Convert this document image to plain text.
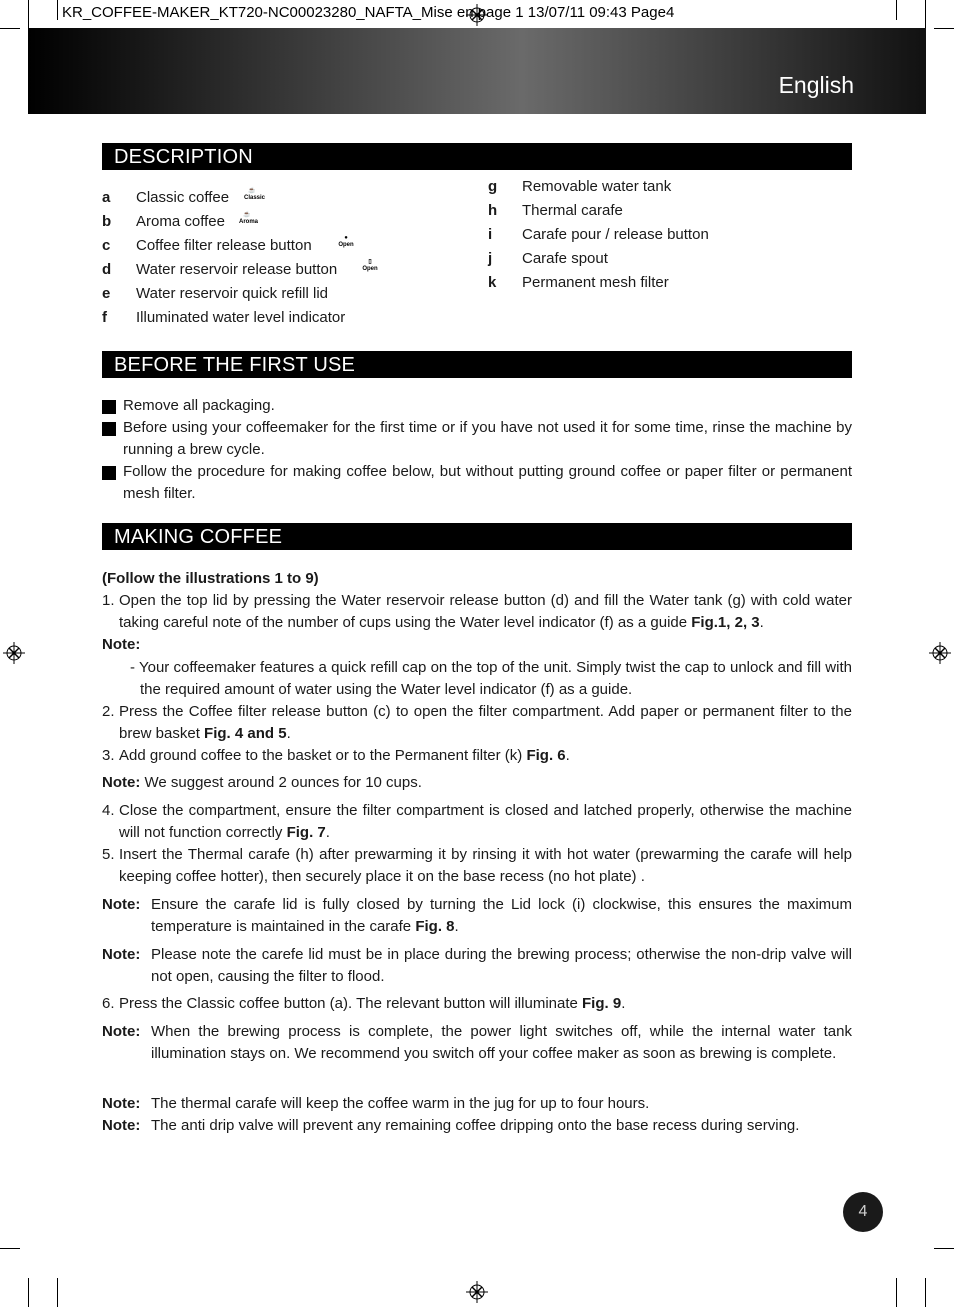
KR_COFFEE-MAKER_KT720-NC00023280_NAFTA_Mise en page 1 13/07/11 09:43 Page4
English
DESCRIPTION
a Classic coffee	☕
Classic
b Aroma coffee	☕
Aroma
c Coffee filter release button	●
Open
d Water reservoir release button	▯
Open
e Water reservoir quick refill lid
f Illuminated water level indicator
g Removable water tank
h Thermal carafe
i Carafe pour / release button
j Carafe spout
k Permanent mesh filter
BEFORE THE FIRST USE
Remove all packaging.
Before using your coffeemaker for the first time or if you have not used it for some time, rinse the machine by running a brew cycle.
Follow the procedure for making coffee below, but without putting ground coffee or paper filter or permanent mesh filter.
MAKING COFFEE
(Follow the illustrations 1 to 9)
1. Open the top lid by pressing the Water reservoir release button (d) and fill the Water tank (g) with cold water taking careful note of the number of cups using the Water level indicator (f) as a guide Fig.1, 2, 3.
Note:
- Your coffeemaker features a quick refill cap on the top of the unit. Simply twist the cap to unlock and fill with the required amount of water using the Water level indicator (f) as a guide.
2. Press the Coffee filter release button (c) to open the filter compartment. Add paper or permanent filter to the brew basket Fig. 4 and 5.
3. Add ground coffee to the basket or to the Permanent filter (k) Fig. 6.
Note: We suggest around 2 ounces for 10 cups.
4. Close the compartment, ensure the filter compartment is closed and latched properly, otherwise the machine will not function correctly Fig. 7.
5. Insert the Thermal carafe (h) after prewarming it by rinsing it with hot water (prewarming the carafe will help keeping coffee hotter), then securely place it on the base recess (no hot plate) .
Note: Ensure the carafe lid is fully closed by turning the Lid lock (i) clockwise, this ensures the maximum temperature is maintained in the carafe Fig. 8.
Note: Please note the carefe lid must be in place during the brewing process; otherwise the non-drip valve will not open, causing the filter to flood.
6. Press the Classic coffee button (a). The relevant button will illuminate Fig. 9.
Note: When the brewing process is complete, the power light switches off, while the internal water tank illumination stays on. We recommend you switch off your coffee maker as soon as brewing is complete.
Note: The thermal carafe will keep the coffee warm in the jug for up to four hours.
Note: The anti drip valve will prevent any remaining coffee dripping onto the base recess during serving.
4
